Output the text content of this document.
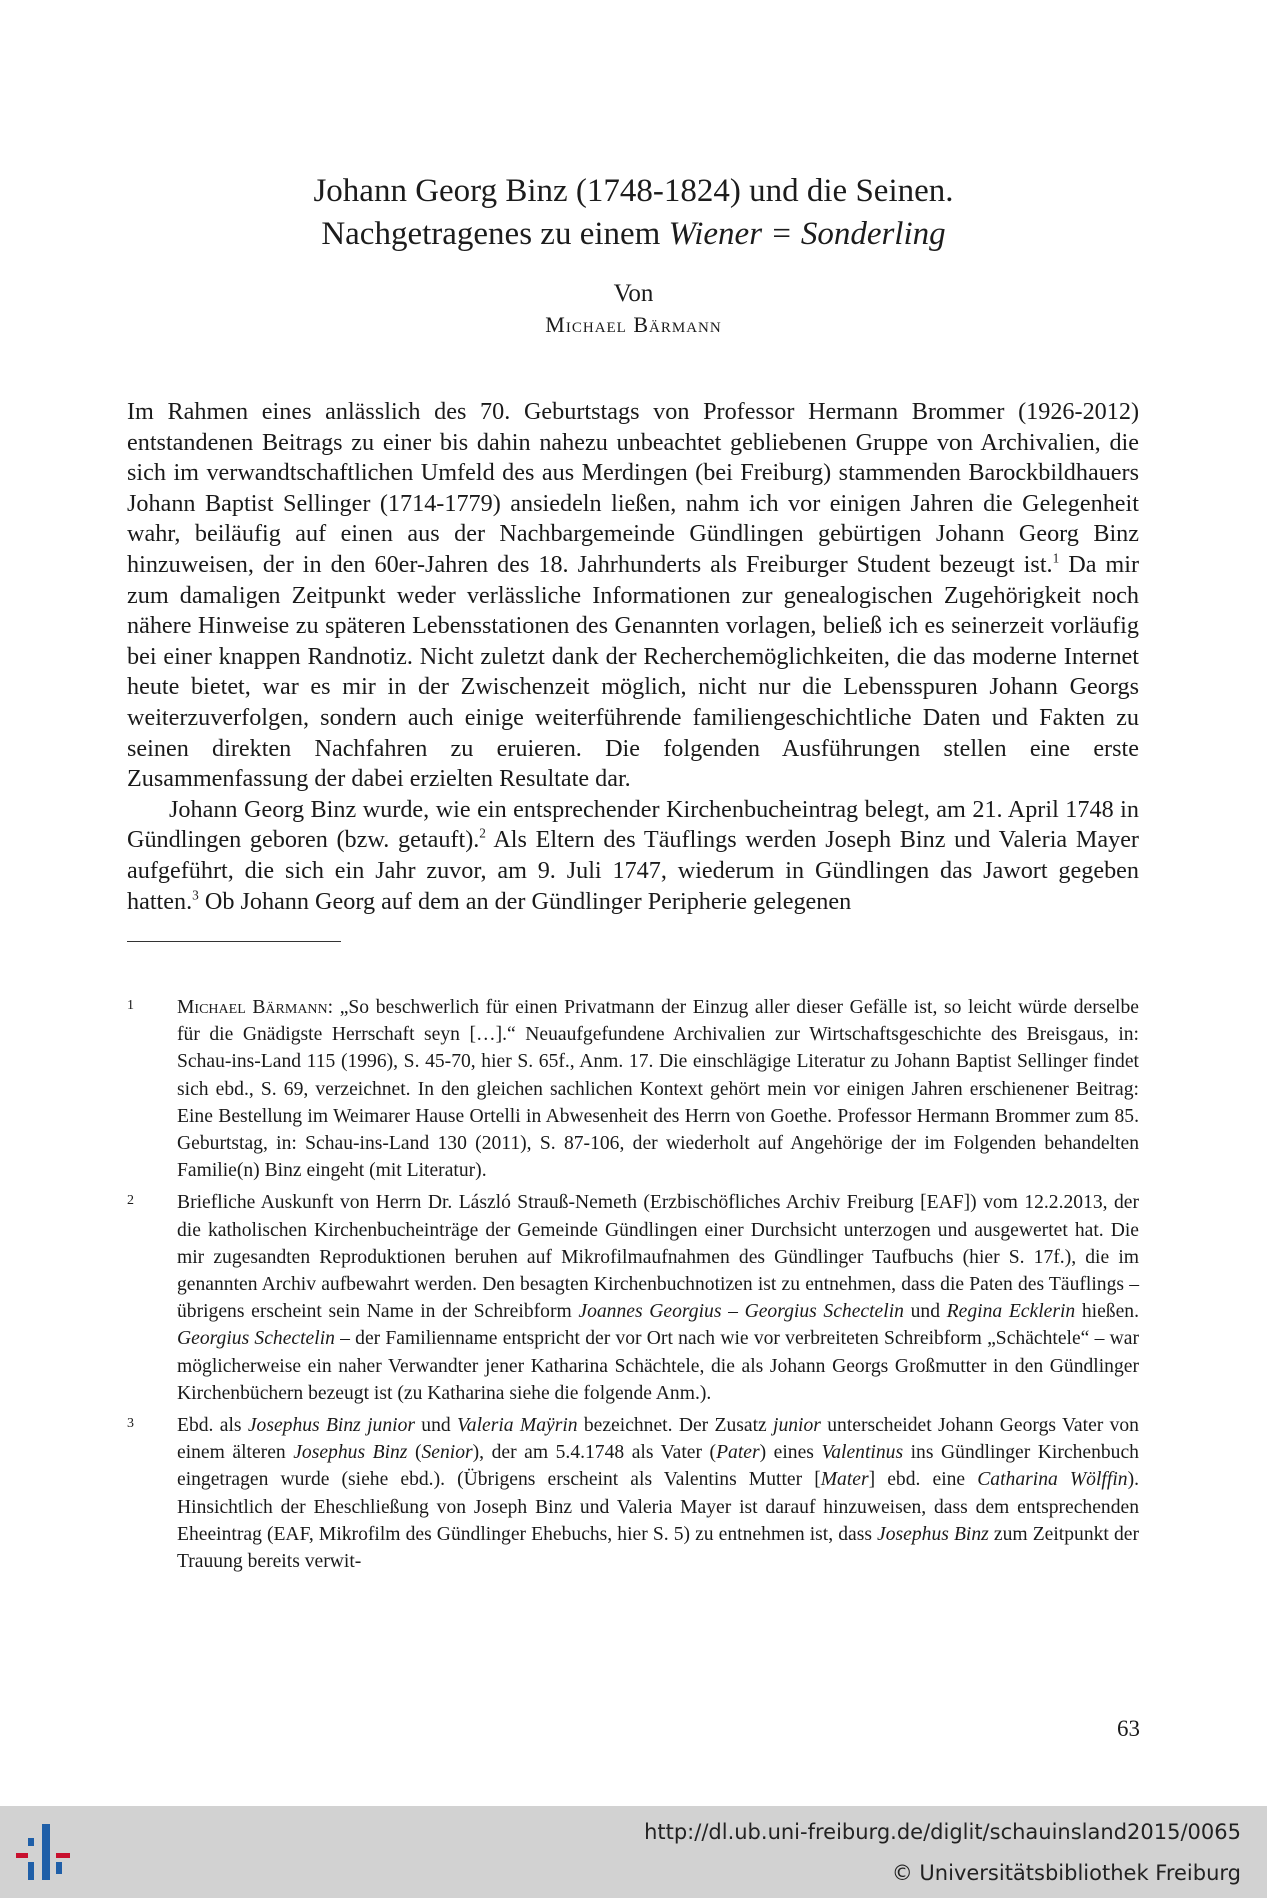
Johann Georg Binz (1748-1824) und die Seinen.
Nachgetragenes zu einem Wiener = Sonderling
Von
Michael Bärmann

Im Rahmen eines anlässlich des 70. Geburtstags von Professor Hermann Brommer (1926-2012) entstandenen Beitrags zu einer bis dahin nahezu unbeachtet gebliebenen Gruppe von Archivalien, die sich im verwandtschaftlichen Umfeld des aus Merdingen (bei Freiburg) stammenden Barockbildhauers Johann Baptist Sellinger (1714-1779) ansiedeln ließen, nahm ich vor einigen Jahren die Gelegenheit wahr, beiläufig auf einen aus der Nachbargemeinde Gündlingen gebürtigen Johann Georg Binz hinzuweisen, der in den 60er-Jahren des 18. Jahrhunderts als Freiburger Student bezeugt ist.$^1$ Da mir zum damaligen Zeitpunkt weder verlässliche Informationen zur genealogischen Zugehörigkeit noch nähere Hinweise zu späteren Lebensstationen des Genannten vorlagen, beließ ich es seinerzeit vorläufig bei einer knappen Randnotiz. Nicht zuletzt dank der Recherchemöglichkeiten, die das moderne Internet heute bietet, war es mir in der Zwischenzeit möglich, nicht nur die Lebensspuren Johann Georgs weiterzuverfolgen, sondern auch einige weiterführende familiengeschichtliche Daten und Fakten zu seinen direkten Nachfahren zu eruieren. Die folgenden Ausführungen stellen eine erste Zusammenfassung der dabei erzielten Resultate dar.

Johann Georg Binz wurde, wie ein entsprechender Kirchenbucheintrag belegt, am 21. April 1748 in Gündlingen geboren (bzw. getauft).$^2$ Als Eltern des Täuflings werden Joseph Binz und Valeria Mayer aufgeführt, die sich ein Jahr zuvor, am 9. Juli 1747, wiederum in Gündlingen das Jawort gegeben hatten.$^3$ Ob Johann Georg auf dem an der Gündlinger Peripherie gelegenen

1 Michael Bärmann: „So beschwerlich für einen Privatmann der Einzug aller dieser Gefälle ist, so leicht würde derselbe für die Gnädigste Herrschaft seyn […].“ Neuaufgefundene Archivalien zur Wirtschaftsgeschichte des Breisgaus, in: Schau-ins-Land 115 (1996), S. 45-70, hier S. 65f., Anm. 17. Die einschlägige Literatur zu Johann Baptist Sellinger findet sich ebd., S. 69, verzeichnet. In den gleichen sachlichen Kontext gehört mein vor einigen Jahren erschienener Beitrag: Eine Bestellung im Weimarer Hause Ortelli in Abwesenheit des Herrn von Goethe. Professor Hermann Brommer zum 85. Geburtstag, in: Schau-ins-Land 130 (2011), S. 87-106, der wiederholt auf Angehörige der im Folgenden behandelten Familie(n) Binz eingeht (mit Literatur).
2 Briefliche Auskunft von Herrn Dr. László Strauß-Nemeth (Erzbischöfliches Archiv Freiburg [EAF]) vom 12.2.2013, der die katholischen Kirchenbucheinträge der Gemeinde Gündlingen einer Durchsicht unterzogen und ausgewertet hat. Die mir zugesandten Reproduktionen beruhen auf Mikrofilmaufnahmen des Gündlinger Taufbuchs (hier S. 17f.), die im genannten Archiv aufbewahrt werden. Den besagten Kirchenbuchnotizen ist zu entnehmen, dass die Paten des Täuflings – übrigens erscheint sein Name in der Schreibform Joannes Georgius – Georgius Schectelin und Regina Ecklerin hießen. Georgius Schectelin – der Familienname entspricht der vor Ort nach wie vor verbreiteten Schreibform „Schächtele“ – war möglicherweise ein naher Verwandter jener Katharina Schächtele, die als Johann Georgs Großmutter in den Gündlinger Kirchenbüchern bezeugt ist (zu Katharina siehe die folgende Anm.).
3 Ebd. als Josephus Binz junior und Valeria Maÿrin bezeichnet. Der Zusatz junior unterscheidet Johann Georgs Vater von einem älteren Josephus Binz (Senior), der am 5.4.1748 als Vater (Pater) eines Valentinus ins Gündlinger Kirchenbuch eingetragen wurde (siehe ebd.). (Übrigens erscheint als Valentins Mutter [Mater] ebd. eine Catharina Wölffin). Hinsichtlich der Eheschließung von Joseph Binz und Valeria Mayer ist darauf hinzuweisen, dass dem entsprechenden Eheeintrag (EAF, Mikrofilm des Gündlinger Ehebuchs, hier S. 5) zu entnehmen ist, dass Josephus Binz zum Zeitpunkt der Trauung bereits verwit-
63
http://dl.ub.uni-freiburg.de/diglit/schauinsland2015/0065
© Universitätsbibliothek Freiburg
